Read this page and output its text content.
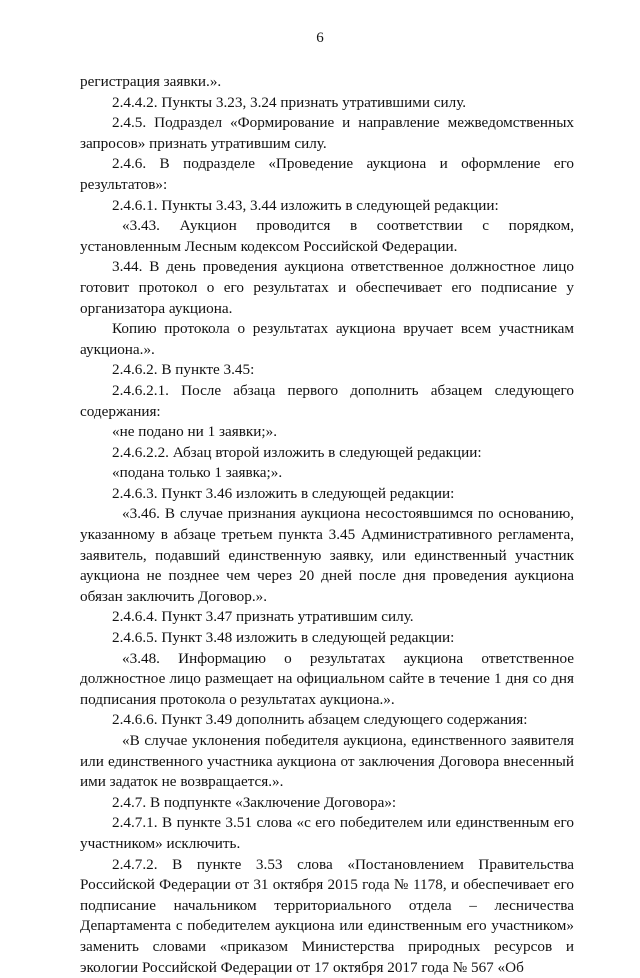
6

регистрация заявки.».

2.4.4.2. Пункты 3.23, 3.24 признать утратившими силу.

2.4.5. Подраздел «Формирование и направление межведомственных запросов» признать утратившим силу.

2.4.6. В подразделе «Проведение аукциона и оформление его результатов»:

2.4.6.1. Пункты 3.43, 3.44 изложить в следующей редакции:

«3.43. Аукцион проводится в соответствии с порядком, установленным Лесным кодексом Российской Федерации.

3.44. В день проведения аукциона ответственное должностное лицо готовит протокол о его результатах и обеспечивает его подписание у организатора аукциона.

Копию протокола о результатах аукциона вручает всем участникам аукциона.».

2.4.6.2. В пункте 3.45:

2.4.6.2.1. После абзаца первого дополнить абзацем следующего содержания:

«не подано ни 1 заявки;».

2.4.6.2.2. Абзац второй изложить в следующей редакции:

«подана только 1 заявка;».

2.4.6.3. Пункт 3.46 изложить в следующей редакции:

«3.46. В случае признания аукциона несостоявшимся по основанию, указанному в абзаце третьем пункта 3.45 Административного регламента, заявитель, подавший единственную заявку, или единственный участник аукциона не позднее чем через 20 дней после дня проведения аукциона обязан заключить Договор.».

2.4.6.4. Пункт 3.47 признать утратившим силу.

2.4.6.5. Пункт 3.48 изложить в следующей редакции:

«3.48. Информацию о результатах аукциона ответственное должностное лицо размещает на официальном сайте в течение 1 дня со дня подписания протокола о результатах аукциона.».

2.4.6.6. Пункт 3.49 дополнить абзацем следующего содержания:

«В случае уклонения победителя аукциона, единственного заявителя или единственного участника аукциона от заключения Договора внесенный ими задаток не возвращается.».

2.4.7. В подпункте «Заключение Договора»:

2.4.7.1. В пункте 3.51 слова «с его победителем или единственным его участником» исключить.

2.4.7.2. В пункте 3.53 слова «Постановлением Правительства Российской Федерации от 31 октября 2015 года № 1178, и обеспечивает его подписание начальником территориального отдела – лесничества Департамента с победителем аукциона или единственным его участником» заменить словами «приказом Министерства природных ресурсов и экологии Российской Федерации от 17 октября 2017 года № 567 «Об
